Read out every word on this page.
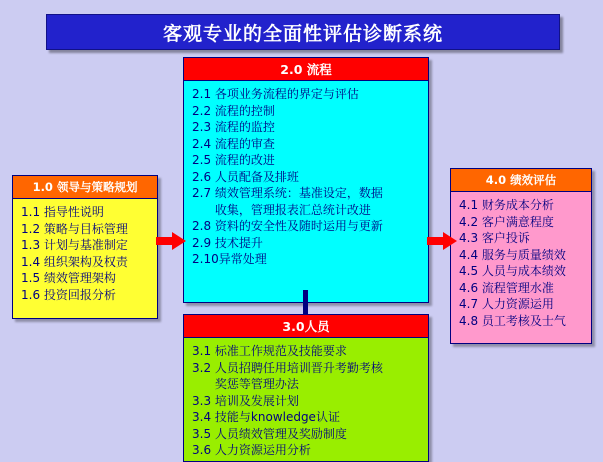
客观专业的全面性评估诊断系统
1.0 领导与策略规划
1.1 指导性说明
1.2 策略与目标管理
1.3 计划与基准制定
1.4 组织架构及权责
1.5 绩效管理架构
1.6 投资回报分析
2.0 流程
2.1 各项业务流程的界定与评估
2.2 流程的控制
2.3 流程的监控
2.4 流程的审查
2.5 流程的改进
2.6 人员配备及排班
2.7 绩效管理系统：基准设定，数据
收集，管理报表汇总统计改进
2.8 资料的安全性及随时运用与更新
2.9 技术提升
2.10异常处理
3.0人员
3.1 标准工作规范及技能要求
3.2 人员招聘任用培训晋升考勤考核
奖惩等管理办法
3.3 培训及发展计划
3.4 技能与knowledge认证
3.5 人员绩效管理及奖励制度
3.6 人力资源运用分析
4.0 绩效评估
4.1 财务成本分析
4.2 客户满意程度
4.3 客户投诉
4.4 服务与质量绩效
4.5 人员与成本绩效
4.6 流程管理水准
4.7 人力资源运用
4.8 员工考核及士气
